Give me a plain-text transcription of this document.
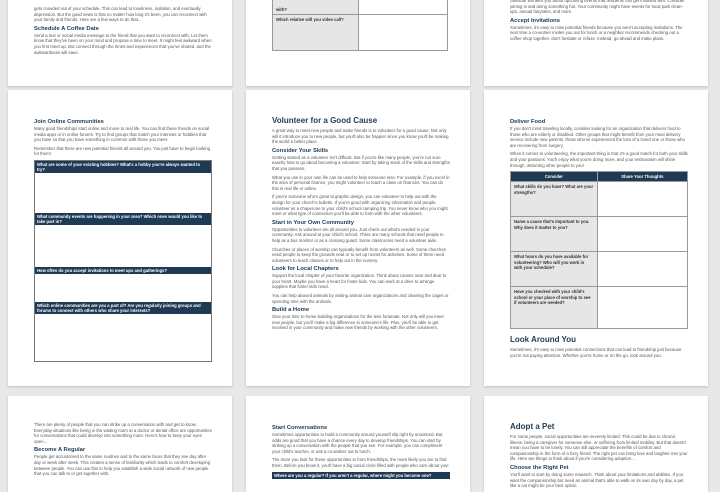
gets crowded out of your schedule. This can lead to loneliness, isolation, and eventually depression. But the good news is that no matter how long it's been, you can reconnect with your family and friends. Here are a few ways to do that...

Schedule A Coffee Date

Send a text or social media message to the friend that you want to reconnect with. Let them know that they've been on your mind and propose a time to meet. It might feel awkward when you first meet up. But connect through the times and experiences that you've shared, and the awkwardness will ease.

with?	
Which relative will you video call?	

calendar will alert you about upcoming events that residents can get involved with. Consider joining in and doing something fun. Your community might have events for local park clean-ups, annual fairytales, and more.

Accept Invitations

Sometimes, it's easy to miss potential friends because you aren't accepting invitations. The next time a co-worker invites you out for lunch or a neighbor recommends checking out a coffee shop together, don't hesitate or refuse. Instead, go ahead and make plans.

Join Online Communities

Many good friendships start online and move to real life. You can find these friends on social media apps or in online forums. Try to find groups that match your interests or hobbies that you have so that you have something in common with those you meet.

Remember that there are new potential friends all around you. You just have to begin looking for them!

What are some of your existing hobbies? What's a hobby you're always wanted to try?
What community events are happening in your area? Which ones would you like to take part in?
How often do you accept invitations to meet ups and gatherings?
Which online communities are you a part of? Are you regularly joining groups and forums to connect with others who share your interests?
Volunteer for a Good Cause

A great way to meet new people and make friends is to volunteer for a good cause. Not only will it introduce you to new people, but you'll also be happier since you know you'll be making the world a better place.

Consider Your Skills

Getting started as a volunteer isn't difficult. But if you're like many people, you're not sure exactly how to go about becoming a volunteer. Start by taking stock of the skills and strengths that you possess.

What you use in your own life can be used to help someone else. For example, if you excel in the area of personal finance, you might volunteer to teach a class on finances. You can do this in real life or online.

If you're someone who's great at graphic design, you can volunteer to help out with the design for your church's bulletin. If you're good with organizing information and people, volunteer as a chaperone to your child's school camping trip. You never know who you might meet or what type of connection you'll be able to form with the other volunteers.

Start in Your Own Community

Opportunities to volunteer are all around you. Just check out what's needed in your community. Ask around at your child's school. There are many schools that need people to help as a bus monitor or as a crossing guard. Some classrooms need a volunteer aide.

Churches or places of worship can typically benefit from volunteers as well. Some churches need people to keep the grounds neat or to set up rooms for activities. Some of them need volunteers to teach classes or to help out in the nursery.

Look for Local Chapters

Support the local chapter of your favorite organization. Think about causes near and dear to your heart. Maybe you have a heart for foster kids. You can work at a drive to arrange supplies that foster kids need.

You can help abused animals by visiting animal care organizations and cleaning the cages or spending time with the animals.

Build a Home

Give your time to home building organizations for the less fortunate. Not only will you meet new people, but you'll make a big difference in someone's life. Plus, you'll be able to get involved in your community and make new friends by working with the other volunteers.

Deliver Food

If you don't mind traveling locally, consider looking for an organization that delivers food to those who are elderly or disabled. Other groups that might benefit from your meal delivery service include new parents, those who've experienced the loss of a loved one or those who are recovering from surgery.

When it comes to volunteering, the important thing is that it's a good match for both your skills and your passions. You'll enjoy what you're doing more, and your enthusiasm will shine through, attracting other people to you!

Consider	Share Your Thoughts
What skills do you have? What are your strengths?	
Name a cause that's important to you. Why does it matter to you?	
What hours do you have available for volunteering? Who will you work in with your schedule?	
Have you checked with your child's school or your place of worship to see if volunteers are needed?	
Look Around You

Sometimes, it's easy to miss potential connections that can lead to friendship just because you're not paying attention. Whether you're home or on the go, look around you.

There are plenty of people that you can strike up a conversation with and get to know. Everyday situations like being in the waiting room at a doctor or dental office are opportunities for conversations that could develop into something more. Here's how to keep your eyes open...

Become A Regular

People get accustomed to the same routines and to the same faces that they see day after day or week after week. This creates a sense of familiarity which leads to comfort developing between people. You can use this to help you establish a wide social network of new people that you can talk to or get together with.

Start Conversations

Sometimes opportunities to build a community around yourself slip right by unnoticed. But odds are good that you have a chance every day to develop friendships. You can start by striking up a conversation with the people that you see. For example, you can compliment your child's teacher, or ask a co-worker out to lunch.

The more you look for these opportunities to form friendships, the more likely you are to find them. Before you know it, you'll have a big social circle filled with people who care about you!

Where are you a regular? If you aren't a regular, where might you become one?
Adopt a Pet

For some people, social opportunities are severely limited. This could be due to chronic illness, being a caregiver for someone else, or suffering from limited mobility. But that doesn't mean you have to be lonely. You can still appreciate the benefits of comfort and companionship in the form of a furry friend. The right pet can bring love and laughter into your life. Here are things to think about if you're considering adoption...

Choose the Right Pet

You'll want to start by doing some research. Think about your limitations and abilities. If you want the companionship but need an animal that's able to walk on its own day by day, a pet like a cat might be your best option.
